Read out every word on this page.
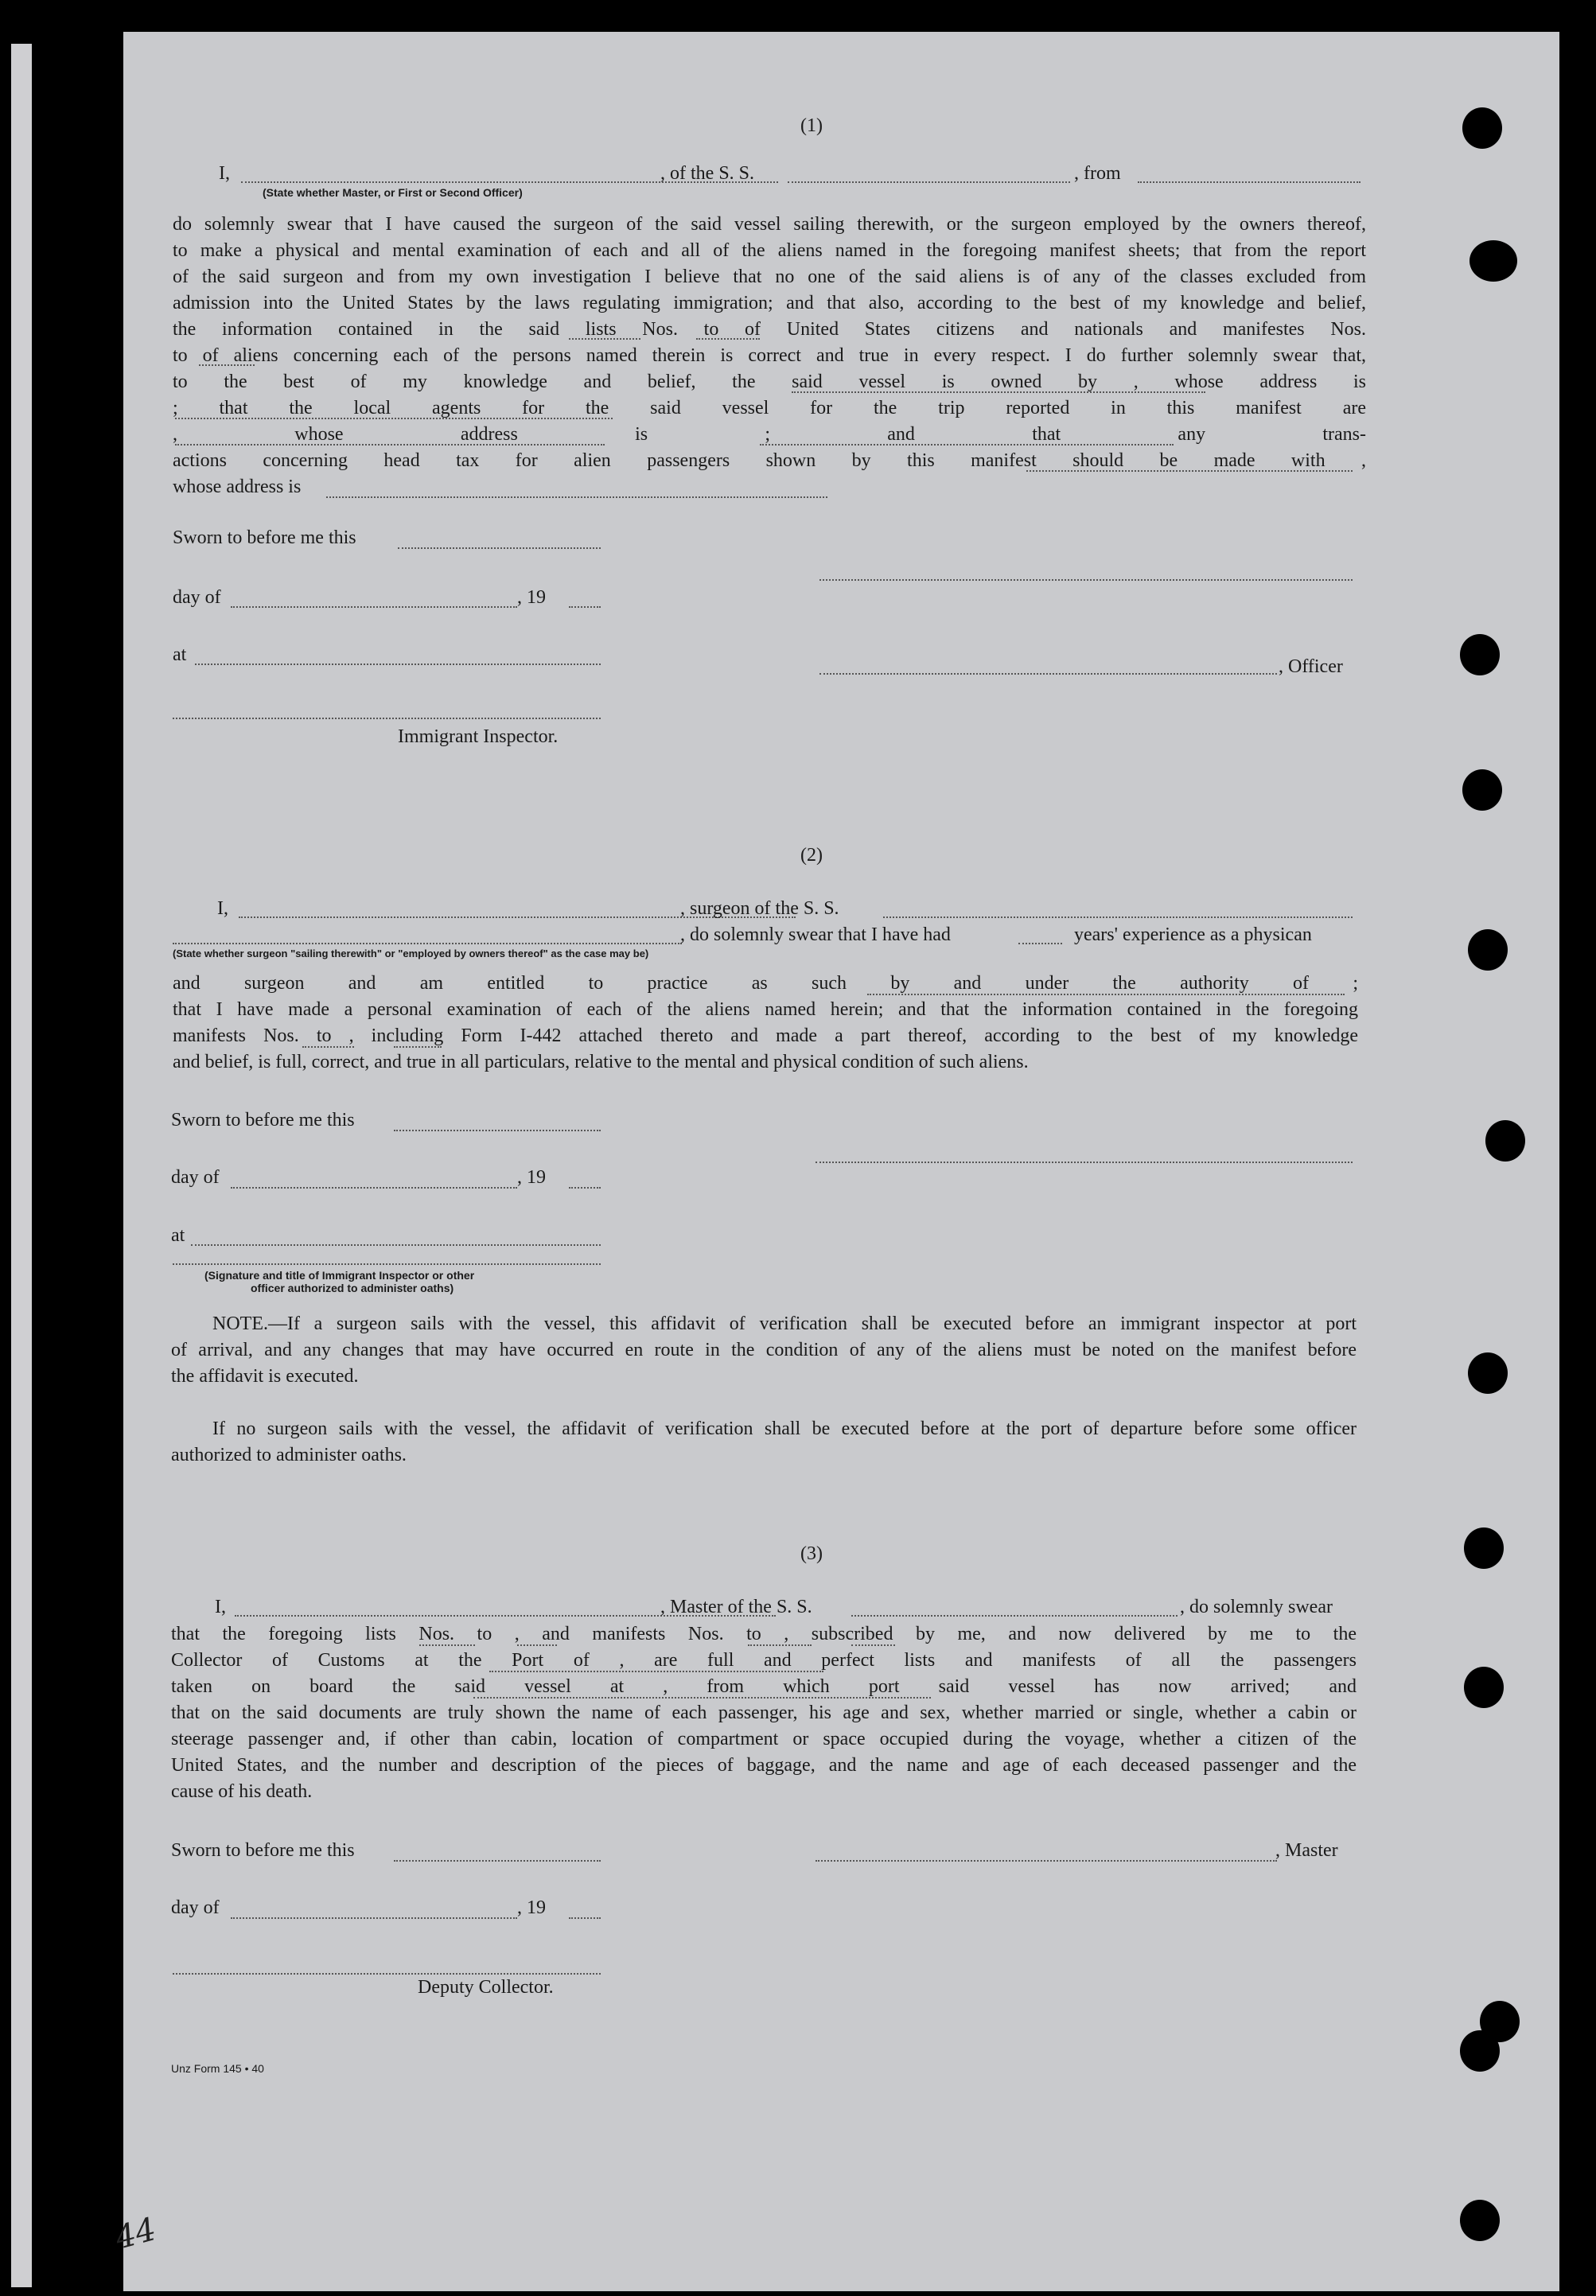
(1)
I,	, of the S. S.	, from
(State whether Master, or First or Second Officer)
do solemnly swear that I have caused the surgeon of the said vessel sailing therewith, or the surgeon employed by the owners thereof,
to make a physical and mental examination of each and all of the aliens named in the foregoing manifest sheets; that from the report
of the said surgeon and from my own investigation I believe that no one of the said aliens is of any of the classes excluded from
admission into the United States by the laws regulating immigration; and that also, according to the best of my knowledge and belief,
the information contained in the said lists Nos. to of United States citizens and nationals and manifestes Nos.
to of aliens concerning each of the persons named therein is correct and true in every respect. I do further solemnly swear that,
to the best of my knowledge and belief, the said vessel is owned by , whose address is
; that the local agents for the said vessel for the trip reported in this manifest are
, whose address is ; and that any trans-
actions concerning head tax for alien passengers shown by this manifest should be made with ,
whose address is
Sworn to before me this
day of	, 19
at
, Officer
Immigrant Inspector.
(2)
I,	, surgeon of the S. S.
, do solemnly swear that I have had	years' experience as a physican
(State whether surgeon "sailing therewith" or "employed by owners thereof" as the case may be)
and surgeon and am entitled to practice as such by and under the authority of ;
that I have made a personal examination of each of the aliens named herein; and that the information contained in the foregoing
manifests Nos. to , including Form I-442 attached thereto and made a part thereof, according to the best of my knowledge
and belief, is full, correct, and true in all particulars, relative to the mental and physical condition of such aliens.
Sworn to before me this
day of	, 19
at
(Signature and title of Immigrant Inspector or other
officer authorized to administer oaths)
NOTE.—If a surgeon sails with the vessel, this affidavit of verification shall be executed before an immigrant inspector at port
of arrival, and any changes that may have occurred en route in the condition of any of the aliens must be noted on the manifest before
the affidavit is executed.
If no surgeon sails with the vessel, the affidavit of verification shall be executed before at the port of departure before some officer
authorized to administer oaths.
(3)
I,	, Master of the S. S.	, do solemnly swear
that the foregoing lists Nos. to , and manifests Nos. to , subscribed by me, and now delivered by me to the
Collector of Customs at the Port of , are full and perfect lists and manifests of all the passengers
taken on board the said vessel at , from which port said vessel has now arrived; and
that on the said documents are truly shown the name of each passenger, his age and sex, whether married or single, whether a cabin or
steerage passenger and, if other than cabin, location of compartment or space occupied during the voyage, whether a citizen of the
United States, and the number and description of the pieces of baggage, and the name and age of each deceased passenger and the
cause of his death.
Sworn to before me this	, Master
day of	, 19
Deputy Collector.
Unz Form 145 • 40
44
